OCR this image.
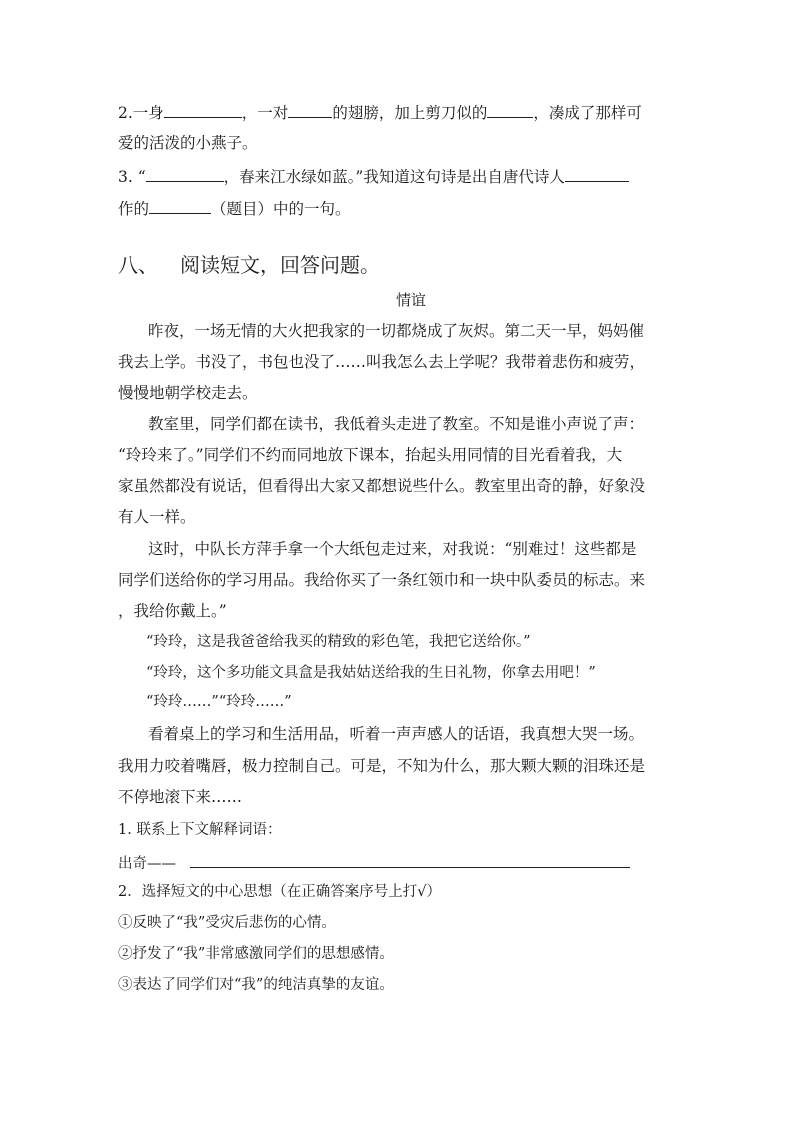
2.一身	，一对	的翅膀，加上剪刀似的	，凑成了那样可
爱的活泼的小燕子。
3. “	，春来江水绿如蓝。”我知道这句诗是出自唐代诗人
作的	（题目）中的一句。
八、 阅读短文，回答问题。
情谊
昨夜，一场无情的大火把我家的一切都烧成了灰烬。第二天一早，妈妈催
我去上学。书没了，书包也没了……叫我怎么去上学呢？我带着悲伤和疲劳，
慢慢地朝学校走去。
教室里，同学们都在读书，我低着头走进了教室。不知是谁小声说了声：
“玲玲来了。”同学们不约而同地放下课本，抬起头用同情的目光看着我，大
家虽然都没有说话，但看得出大家又都想说些什么。教室里出奇的静，好象没
有人一样。
这时，中队长方萍手拿一个大纸包走过来，对我说：“别难过！这些都是
同学们送给你的学习用品。我给你买了一条红领巾和一块中队委员的标志。来
，我给你戴上。”
“玲玲，这是我爸爸给我买的精致的彩色笔，我把它送给你。”
“玲玲，这个多功能文具盒是我姑姑送给我的生日礼物，你拿去用吧！”
“玲玲……”“玲玲……”
看着桌上的学习和生活用品，听着一声声感人的话语，我真想大哭一场。
我用力咬着嘴唇，极力控制自己。可是，不知为什么，那大颗大颗的泪珠还是
不停地滚下来……
1. 联系上下文解释词语：
出奇——
2．选择短文的中心思想（在正确答案序号上打√）
①反映了“我”受灾后悲伤的心情。
②抒发了“我”非常感激同学们的思想感情。
③表达了同学们对“我”的纯洁真挚的友谊。
